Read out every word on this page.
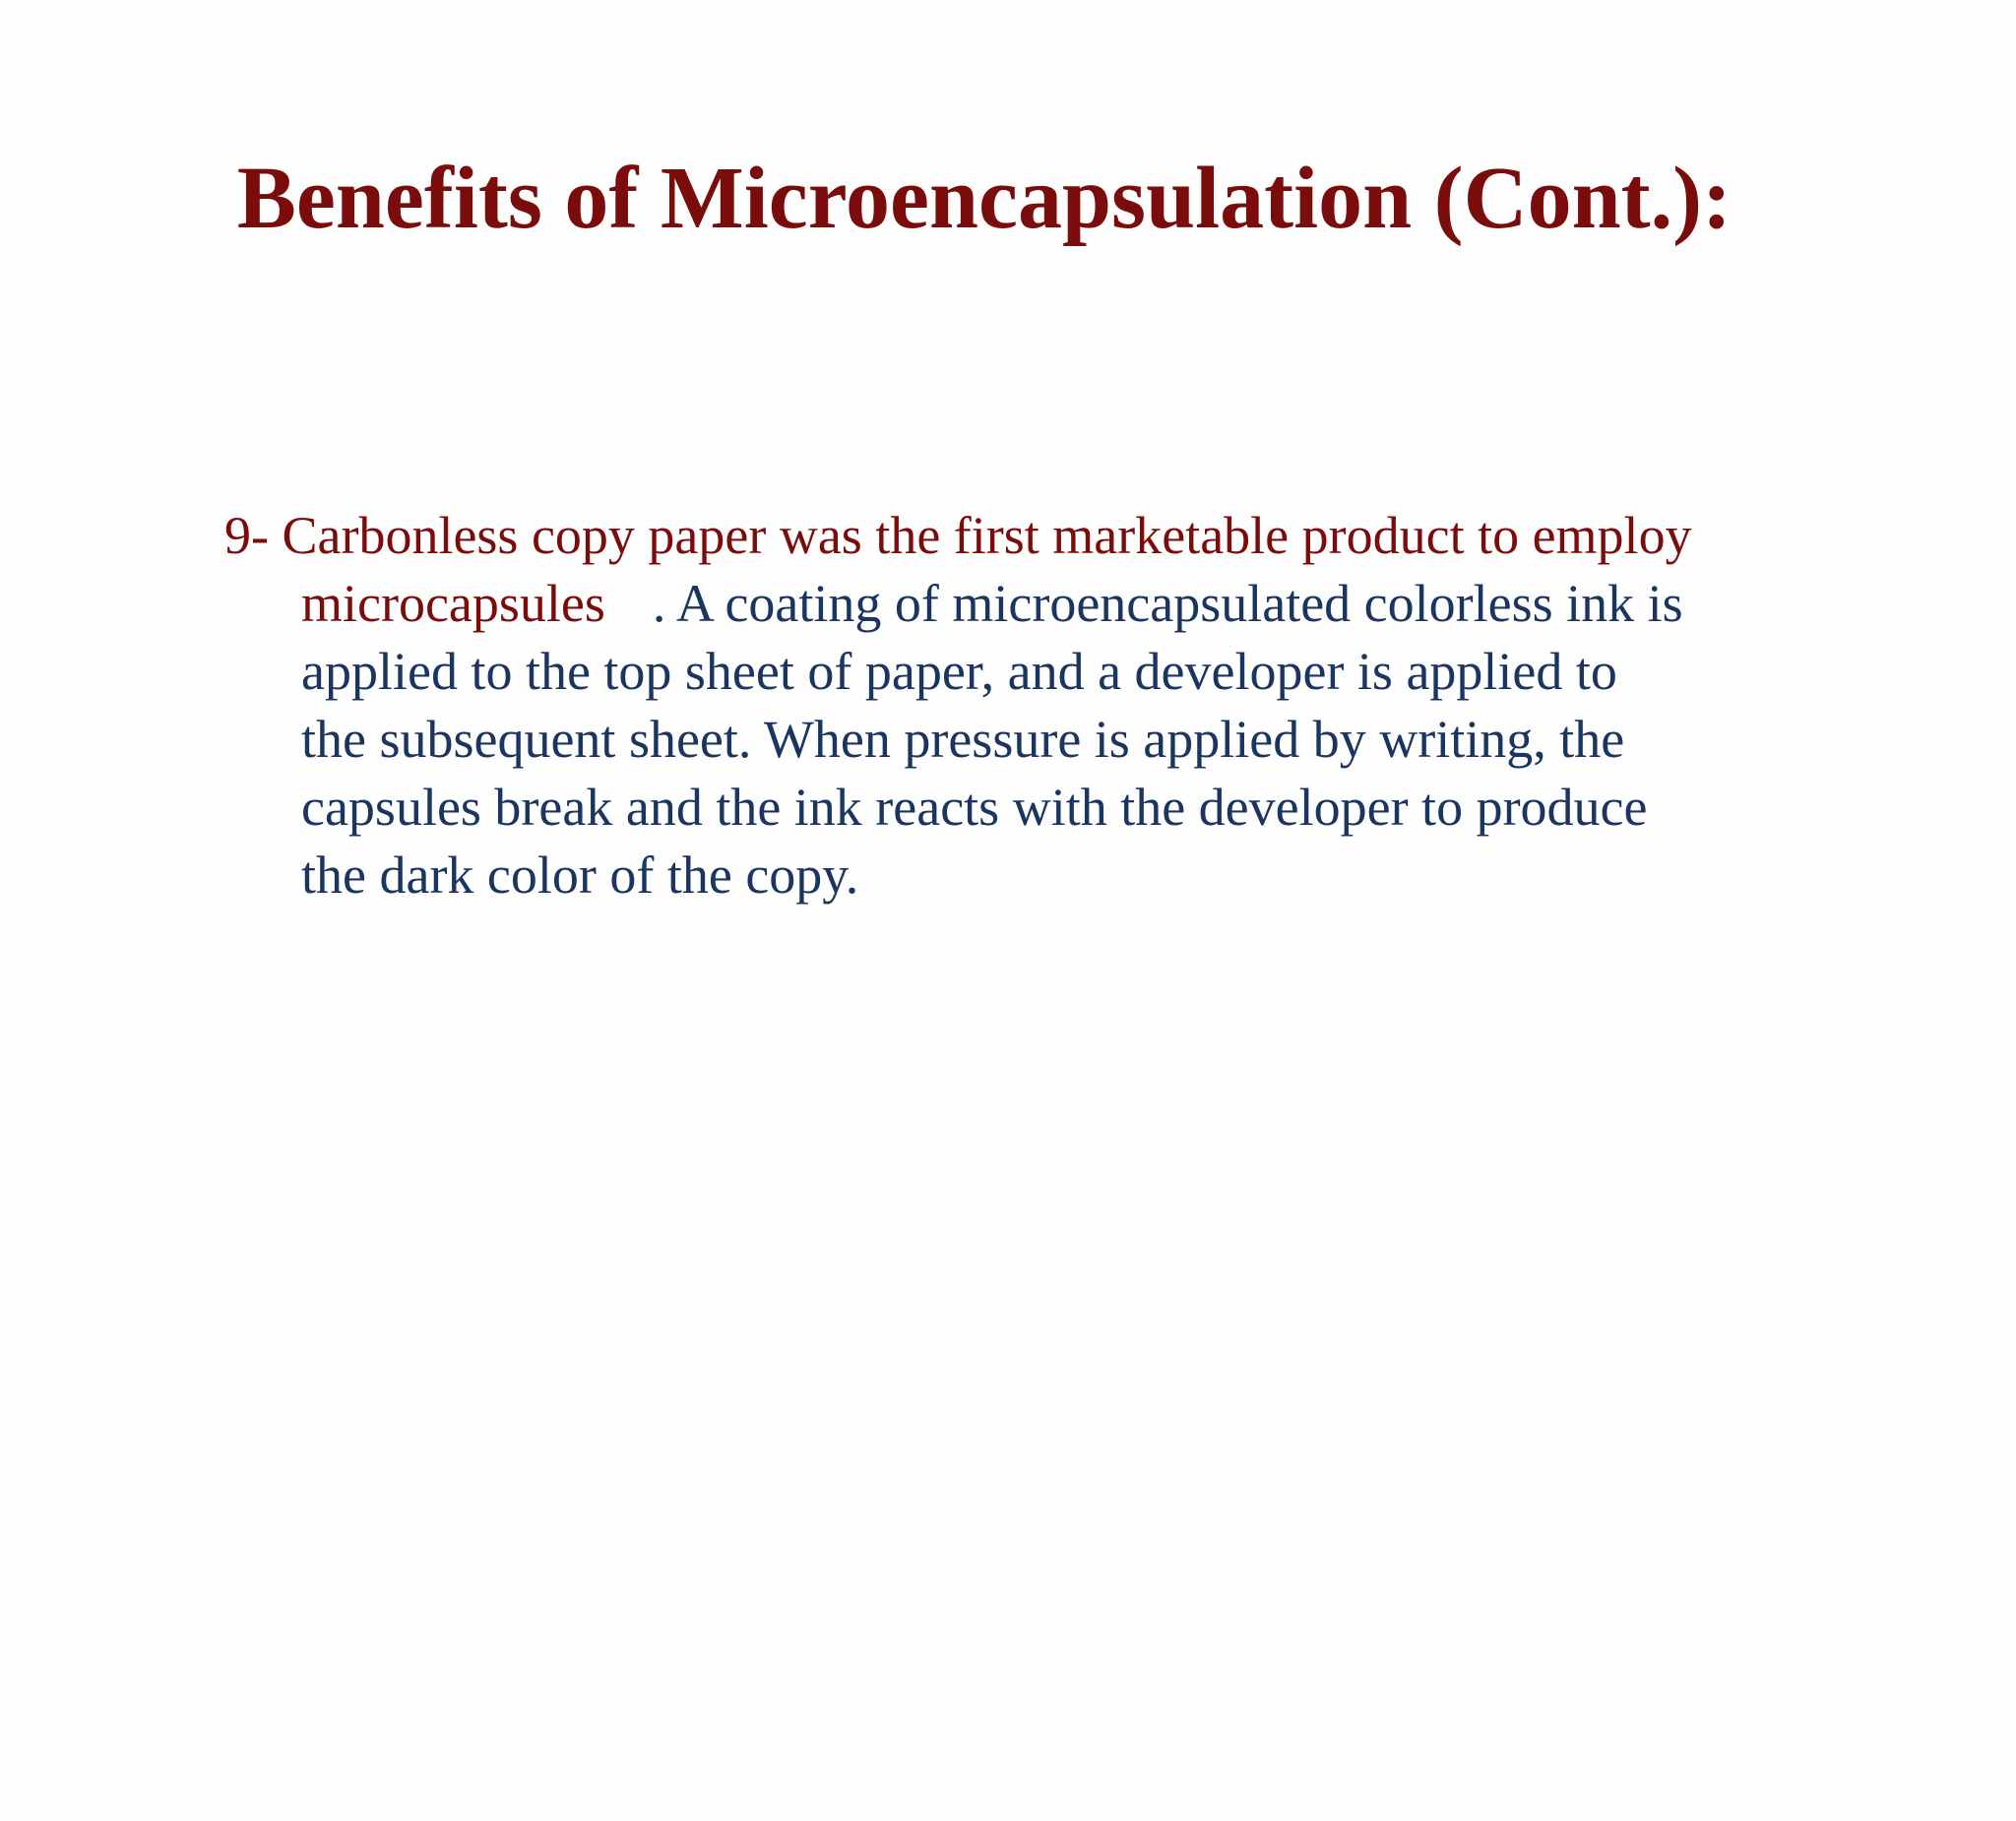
Benefits of Microencapsulation (Cont.):
9- Carbonless copy paper was the first marketable product to employ
microcapsules . A coating of microencapsulated colorless ink is
applied to the top sheet of paper, and a developer is applied to
the subsequent sheet. When pressure is applied by writing, the
capsules break and the ink reacts with the developer to produce
the dark color of the copy.
